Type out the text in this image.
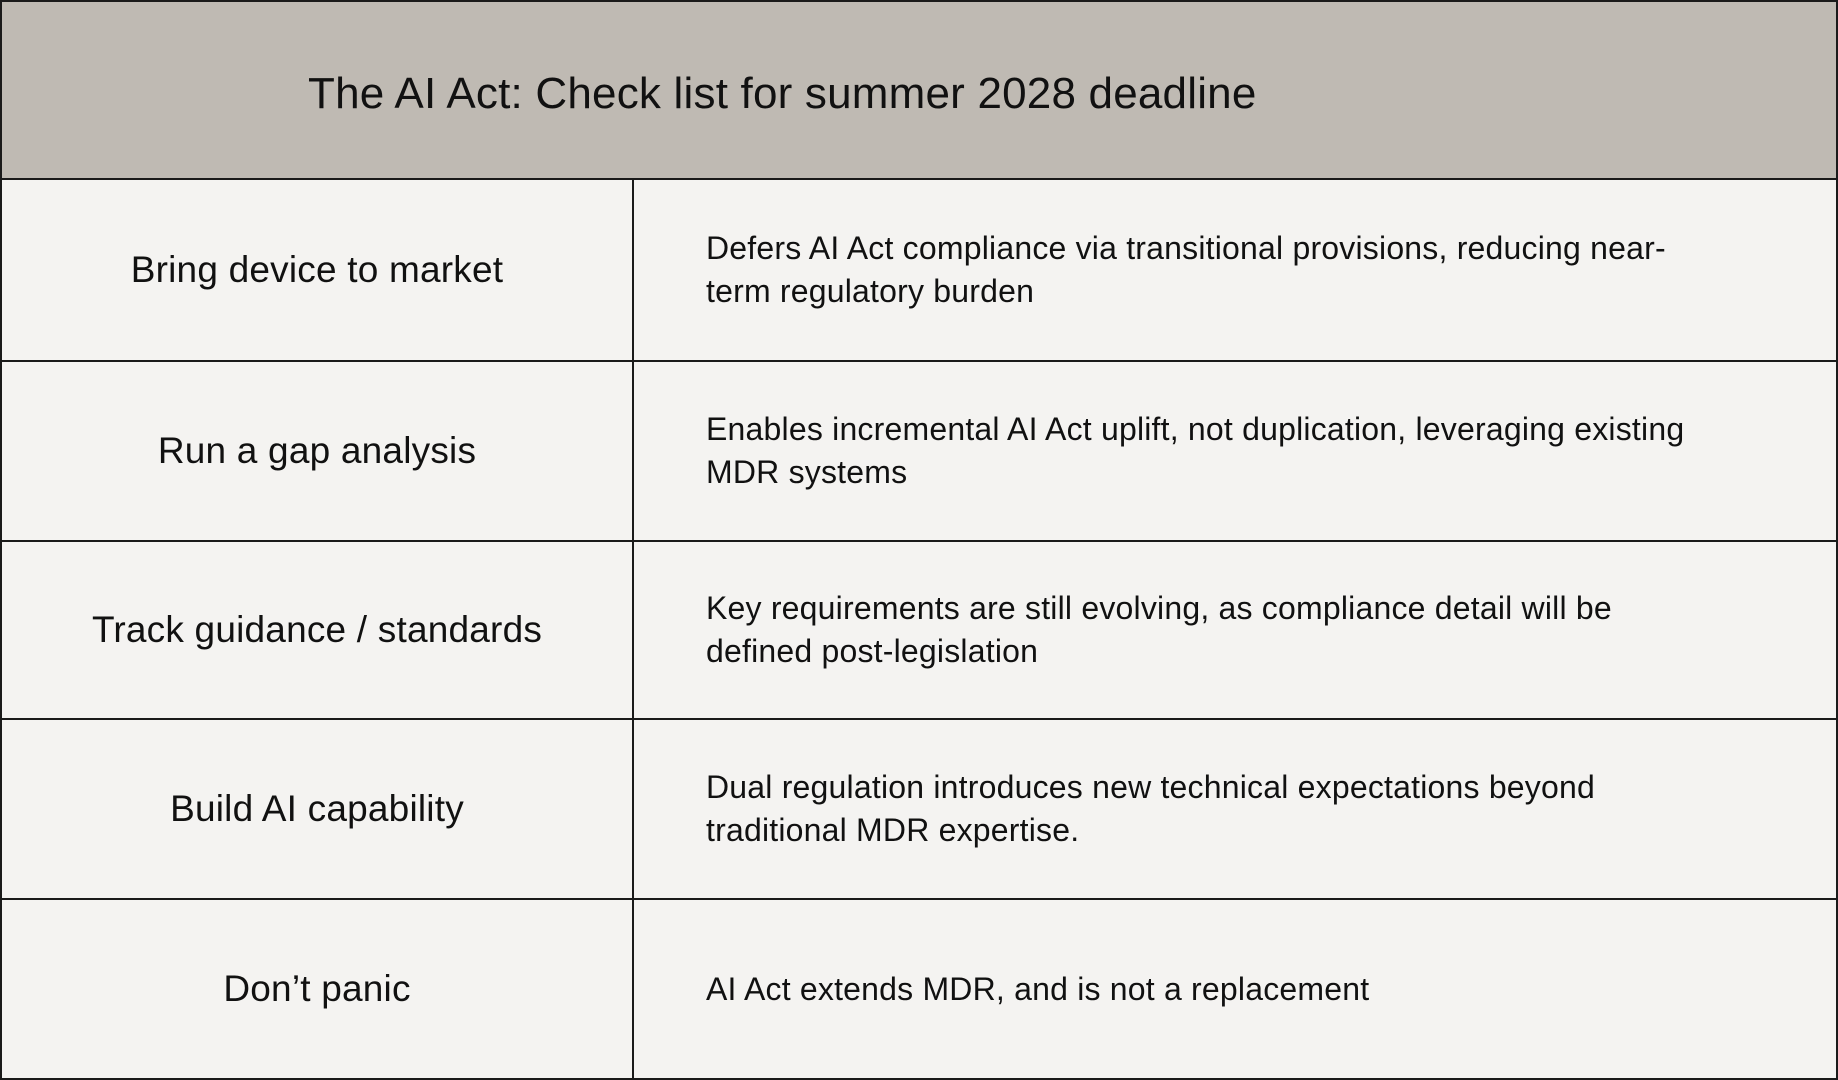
The AI Act: Check list for summer 2028 deadline
Bring device to market
Defers AI Act compliance via transitional provisions, reducing near-term regulatory burden
Run a gap analysis
Enables incremental AI Act uplift, not duplication, leveraging existing MDR systems
Track guidance / standards
Key requirements are still evolving, as compliance detail will be defined post-legislation
Build AI capability
Dual regulation introduces new technical expectations beyond traditional MDR expertise.
Don’t panic	AI Act extends MDR, and is not a replacement
